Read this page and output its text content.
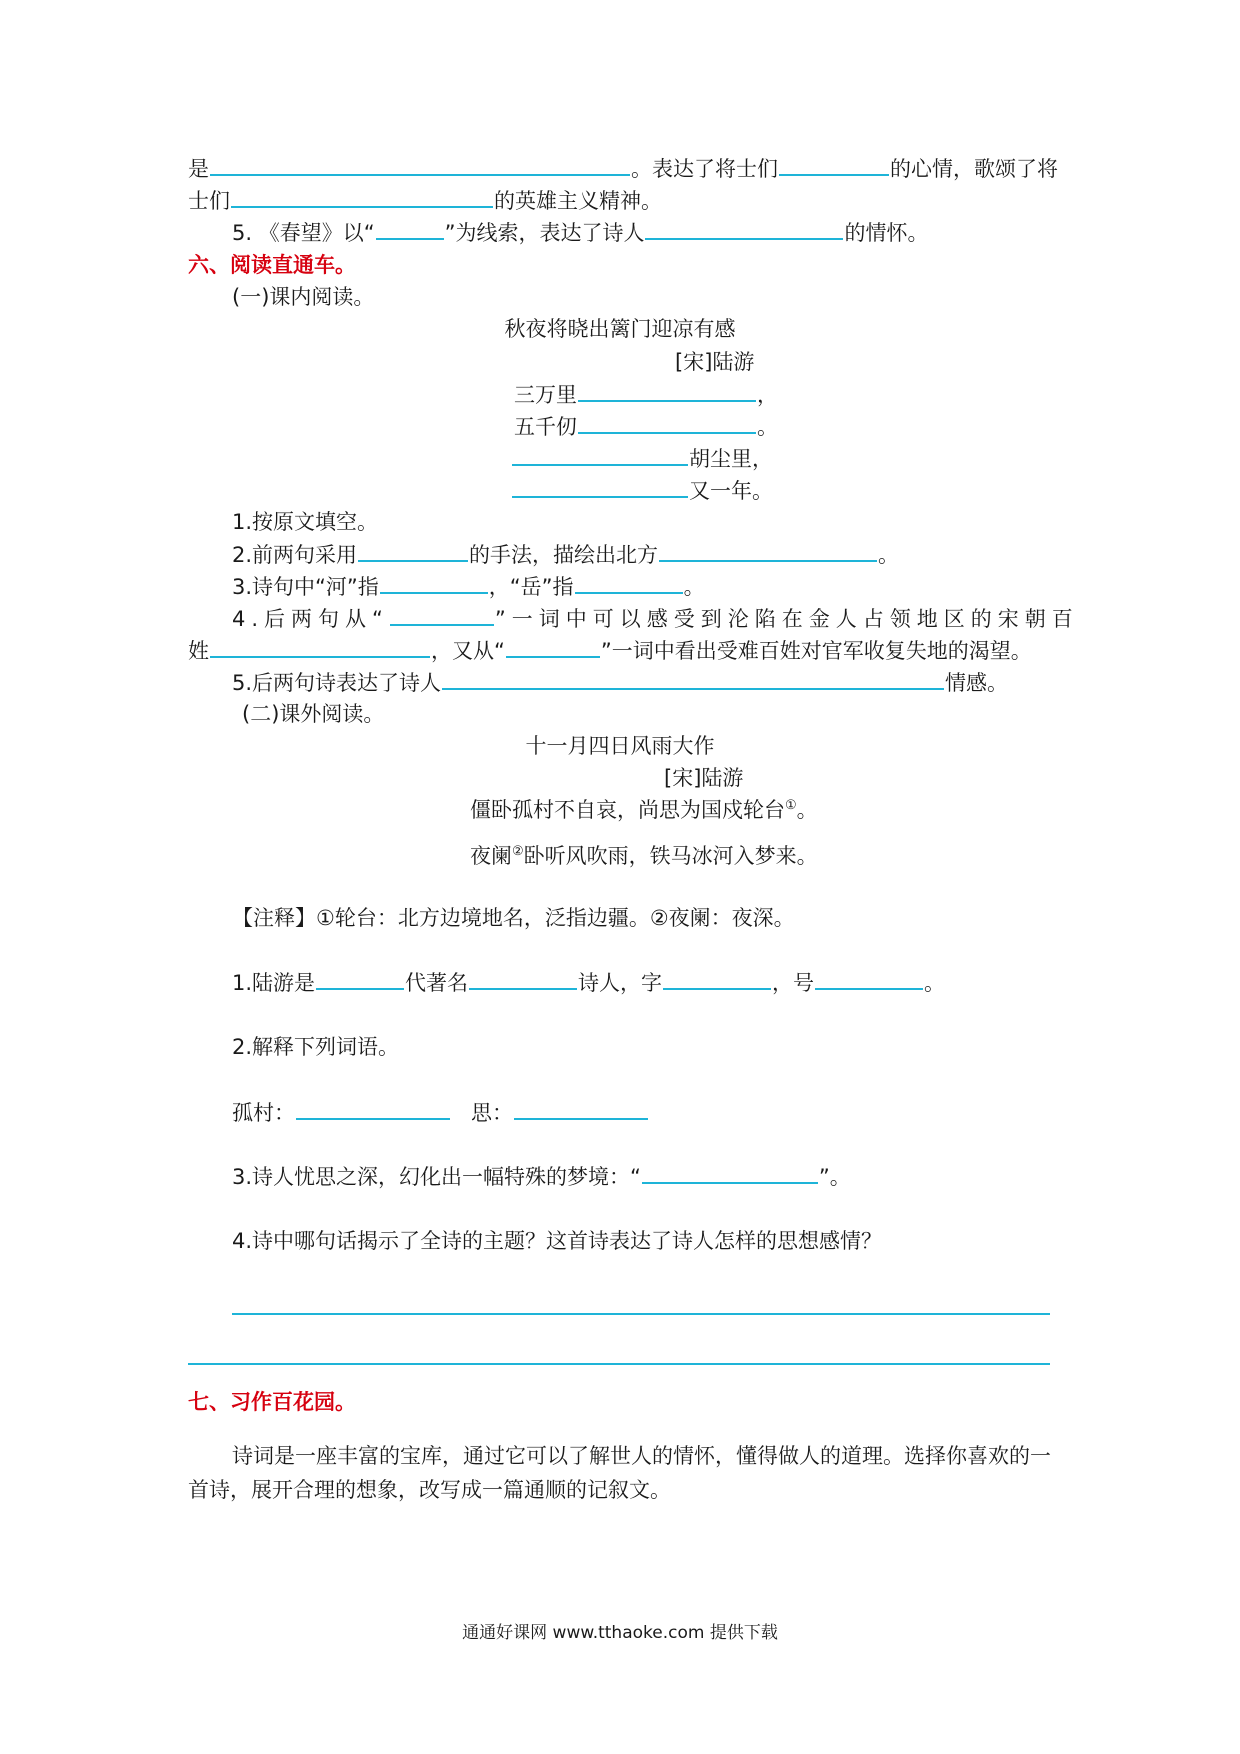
是	。表达了将士们	的心情，歌颂了将
士们	的英雄主义精神。
5. 《春望》以“	”为线索，表达了诗人	的情怀。
六、阅读直通车。
(一)课内阅读。
秋夜将晓出篱门迎凉有感
[宋]陆游
三万里	，
五千仞	。
胡尘里，
又一年。
1.按原文填空。
2.前两句采用	的手法，描绘出北方	。
3.诗句中“河”指	，“岳”指	。
4.后两句从“	”一词中可以感受到沦陷在金人占领地区的宋朝百
姓	，又从“	”一词中看出受难百姓对官军收复失地的渴望。
5.后两句诗表达了诗人	情感。
(二)课外阅读。
十一月四日风雨大作
[宋]陆游
僵卧孤村不自哀，尚思为国戍轮台①。
夜阑②卧听风吹雨，铁马冰河入梦来。
【注释】①轮台：北方边境地名，泛指边疆。②夜阑：夜深。
1.陆游是	代著名	诗人，字	，号	。
2.解释下列词语。
孤村：	思：
3.诗人忧思之深，幻化出一幅特殊的梦境：“	”。
4.诗中哪句话揭示了全诗的主题？这首诗表达了诗人怎样的思想感情？
七、习作百花园。
诗词是一座丰富的宝库，通过它可以了解世人的情怀，懂得做人的道理。选择你喜欢的一
首诗，展开合理的想象，改写成一篇通顺的记叙文。
通通好课网 www.tthaoke.com 提供下载
